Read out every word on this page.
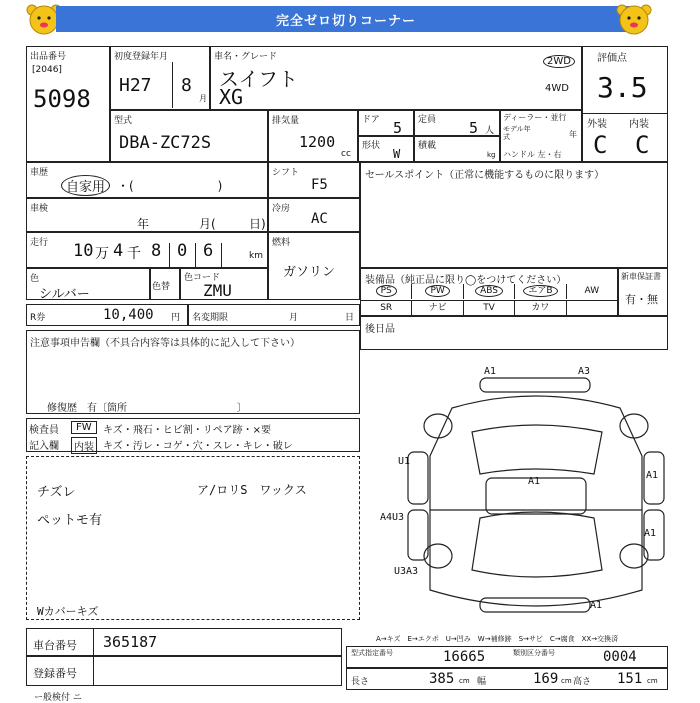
完全ゼロ切りコーナー
出品番号
[2046]
5098
初度登録年月
H27 8
月
車名・グレード
スイフト
XG
2WD
4WD
評価点
3.5
外装 内装
C C
型式
DBA-ZC72S
排気量
1200
cc
ドア 5 定員 5 人
形状
W
積載
kg
ディーラー・並行
モデル年式	年
ハンドル 左・右
車歴
自家用 ・(　　　　　　　)
シフト
F5
車検
年	月(	日)
冷房
AC
走行 10 万 4 千 8 0 6	km
燃料
ガソリン
色
シルバー	色替
色コード
ZMU
R券	10,400 円 名変期限	月	日
注意事項申告欄（不具合内容等は具体的に記入して下さい）
修復歴　有〔箇所　　　　　　　　　　　〕
検査員
記入欄
FW	キズ・飛石・ヒビ割・リペア跡・×要
内装 キズ・汚レ・コゲ・穴・スレ・キレ・破レ
チズレ
ペットモ有
ア/ロリS　ワックス
Wカバーキズ
セールスポイント（正常に機能するものに限ります）
装備品（純正品に限り◯をつけてください）
PS	PW	ABS	エアB	AW
SR	ナビ	TV	カワ
新車保証書
有・無
後日品
A1	A3
U1
A1
A1
A4U3
A1
U3A3
A1
A→キズ　E→エクボ　U→凹み　W→補修跡　S→サビ　C→腐食　XX→交換済
車台番号 365187
登録番号
型式指定番号	16665	類別区分番号	0004
長さ	385 cm 幅	169 cm 高さ 151 cm
ー般検付 ニ
